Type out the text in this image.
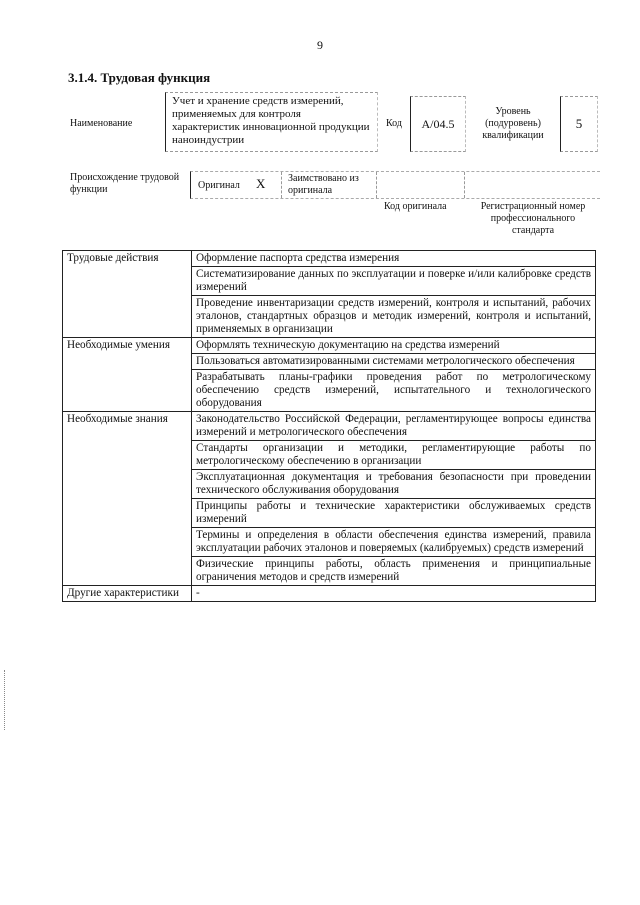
9
3.1.4. Трудовая функция
Наименование
Учет и хранение средств измерений, применяемых для контроля характеристик инновационной продукции наноиндустрии
Код A/04.5
Уровень (подуровень) квалификации
5
Происхождение трудовой функции	Оригинал X Заимствовано из оригинала
Код оригинала	Регистрационный номер профессионального стандарта
Трудовые действия	Оформление паспорта средства измерения
	Систематизирование данных по эксплуатации и поверке и/или калибровке средств измерений
	Проведение инвентаризации средств измерений, контроля и испытаний, рабочих эталонов, стандартных образцов и методик измерений, контроля и испытаний, применяемых в организации
Необходимые умения	Оформлять техническую документацию на средства измерений
	Пользоваться автоматизированными системами метрологического обеспечения
	Разрабатывать планы-графики проведения работ по метрологическому обеспечению средств измерений, испытательного и технологического оборудования
Необходимые знания	Законодательство Российской Федерации, регламентирующее вопросы единства измерений и метрологического обеспечения
	Стандарты организации и методики, регламентирующие работы по метрологическому обеспечению в организации
	Эксплуатационная документация и требования безопасности при проведении технического обслуживания оборудования
	Принципы работы и технические характеристики обслуживаемых средств измерений
	Термины и определения в области обеспечения единства измерений, правила эксплуатации рабочих эталонов и поверяемых (калибруемых) средств измерений
	Физические принципы работы, область применения и принципиальные ограничения методов и средств измерений
Другие характеристики	-
